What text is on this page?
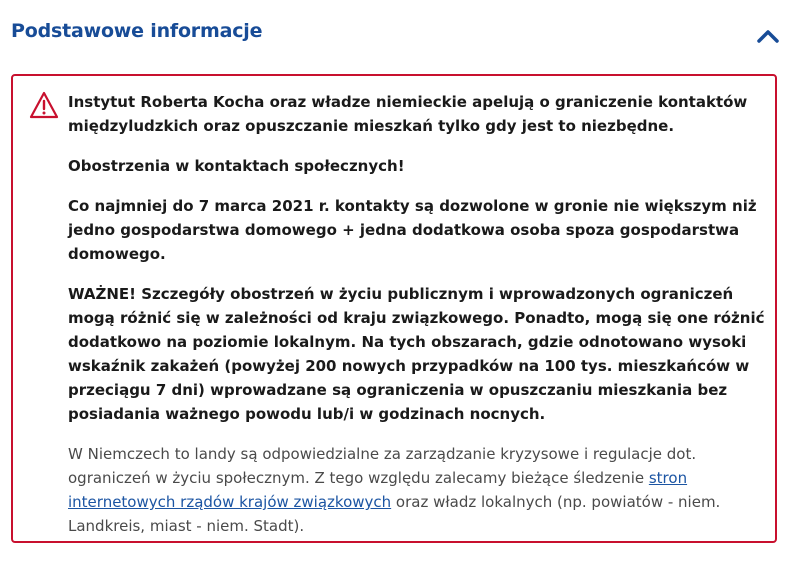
Podstawowe informacje

Instytut Roberta Kocha oraz władze niemieckie apelują o graniczenie kontaktów międzyludzkich oraz opuszczanie mieszkań tylko gdy jest to niezbędne.

Obostrzenia w kontaktach społecznych!

Co najmniej do 7 marca 2021 r. kontakty są dozwolone w gronie nie większym niż jedno gospodarstwa domowego + jedna dodatkowa osoba spoza gospodarstwa domowego.

WAŻNE! Szczegóły obostrzeń w życiu publicznym i wprowadzonych ograniczeń mogą różnić się w zależności od kraju związkowego. Ponadto, mogą się one różnić dodatkowo na poziomie lokalnym. Na tych obszarach, gdzie odnotowano wysoki wskaźnik zakażeń (powyżej 200 nowych przypadków na 100 tys. mieszkańców w przeciągu 7 dni) wprowadzane są ograniczenia w opuszczaniu mieszkania bez posiadania ważnego powodu lub/i w godzinach nocnych.

W Niemczech to landy są odpowiedzialne za zarządzanie kryzysowe i regulacje dot. ograniczeń w życiu społecznym. Z tego względu zalecamy bieżące śledzenie stron internetowych rządów krajów związkowych oraz władz lokalnych (np. powiatów - niem. Landkreis, miast - niem. Stadt).
